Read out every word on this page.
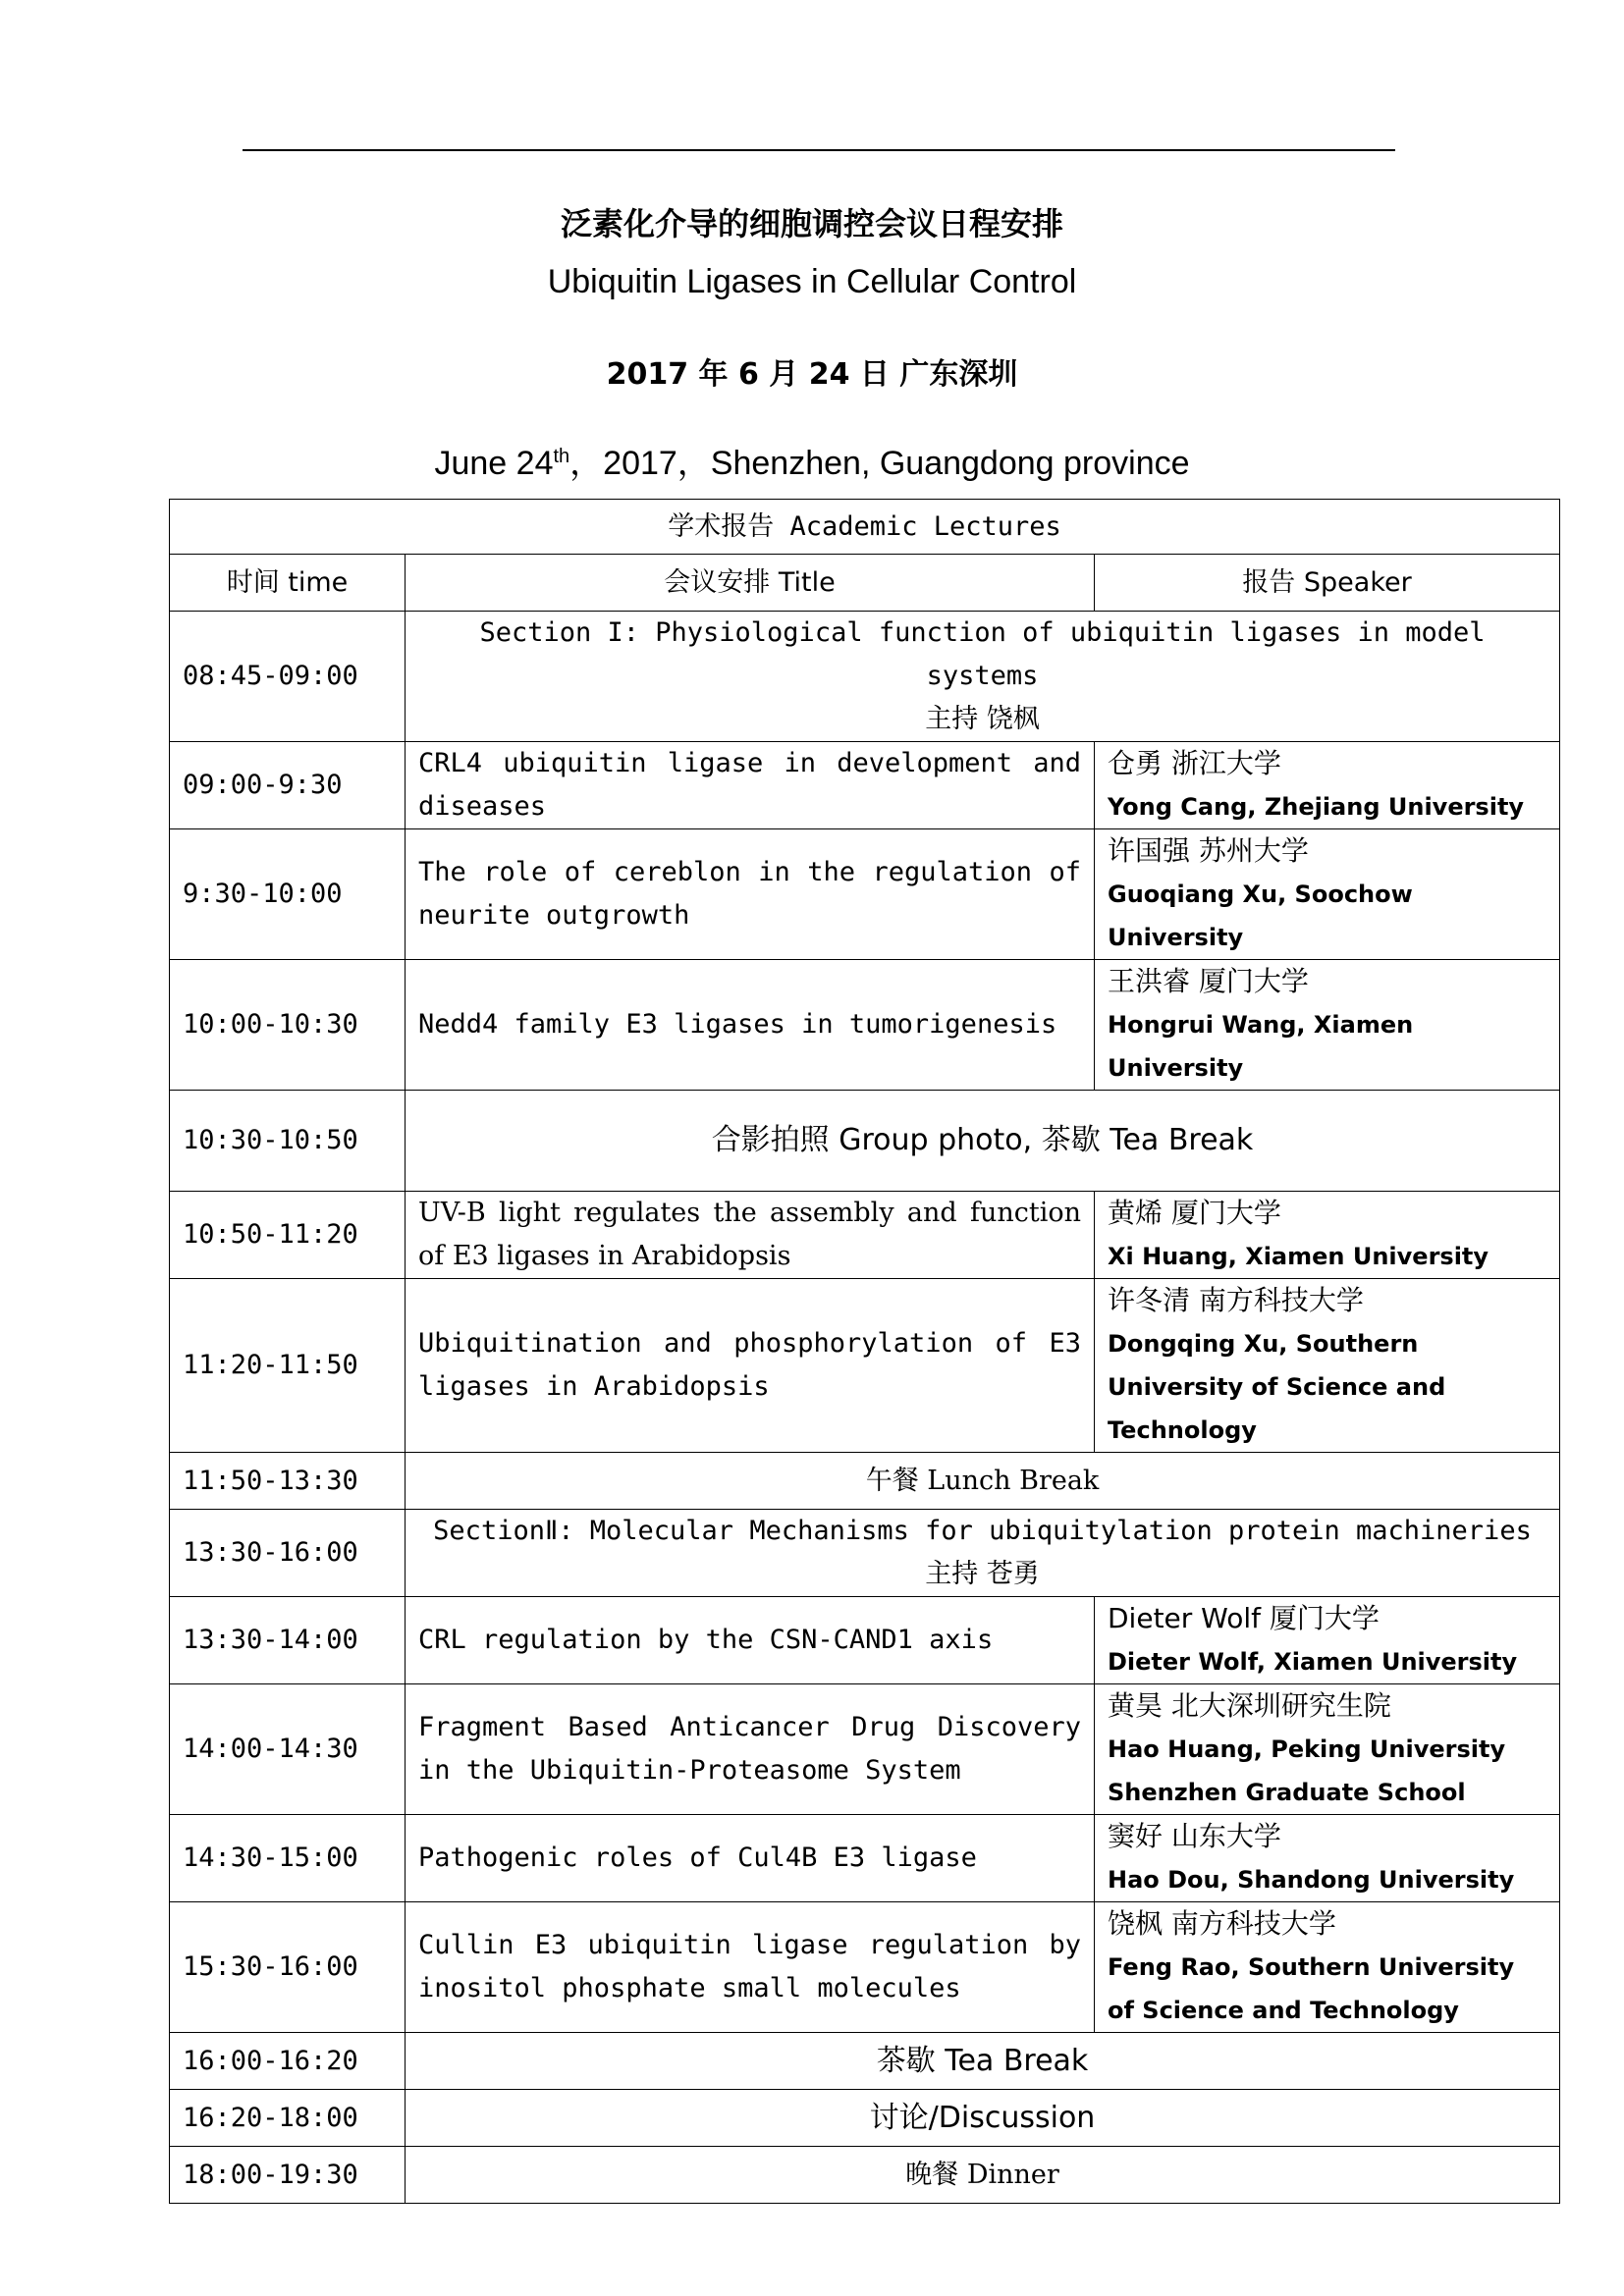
泛素化介导的细胞调控会议日程安排
Ubiquitin Ligases in Cellular Control
2017 年 6 月 24 日 广东深圳
June 24th，2017，Shenzhen, Guangdong province
学术报告 Academic Lectures		
时间 time	会议安排 Title	报告 Speaker
08:45-09:00	Section I: Physiological function of ubiquitin ligases in model systems
主持 饶枫	

09:00-9:30	CRL4 ubiquitin ligase in development and diseases	仓勇 浙江大学
Yong Cang, Zhejiang University

9:30-10:00	The role of cereblon in the regulation of neurite outgrowth	许国强 苏州大学
Guoqiang Xu, Soochow University

10:00-10:30	Nedd4 family E3 ligases in tumorigenesis	王洪睿 厦门大学
Hongrui Wang, Xiamen University

10:30-10:50	合影拍照 Group photo, 茶歇 Tea Break	
10:50-11:20	UV-B light regulates the assembly and function of E3 ligases in Arabidopsis	黄烯 厦门大学
Xi Huang, Xiamen University

11:20-11:50	Ubiquitination and phosphorylation of E3 ligases in Arabidopsis	许冬清 南方科技大学
Dongqing Xu, Southern University of Science and Technology

11:50-13:30	午餐 Lunch Break	
13:30-16:00	SectionⅡ: Molecular Mechanisms for ubiquitylation protein machineries
主持 苍勇	

13:30-14:00	CRL regulation by the CSN-CAND1 axis	Dieter Wolf 厦门大学
Dieter Wolf, Xiamen University

14:00-14:30	Fragment Based Anticancer Drug Discovery in the Ubiquitin-Proteasome System	黄昊 北大深圳研究生院
Hao Huang, Peking University Shenzhen Graduate School

14:30-15:00	Pathogenic roles of Cul4B E3 ligase	窦好 山东大学
Hao Dou, Shandong University

15:30-16:00	Cullin E3 ubiquitin ligase regulation by inositol phosphate small molecules	饶枫 南方科技大学
Feng Rao, Southern University of Science and Technology

16:00-16:20	茶歇 Tea Break	
16:20-18:00	讨论/Discussion	
18:00-19:30	晚餐 Dinner	
